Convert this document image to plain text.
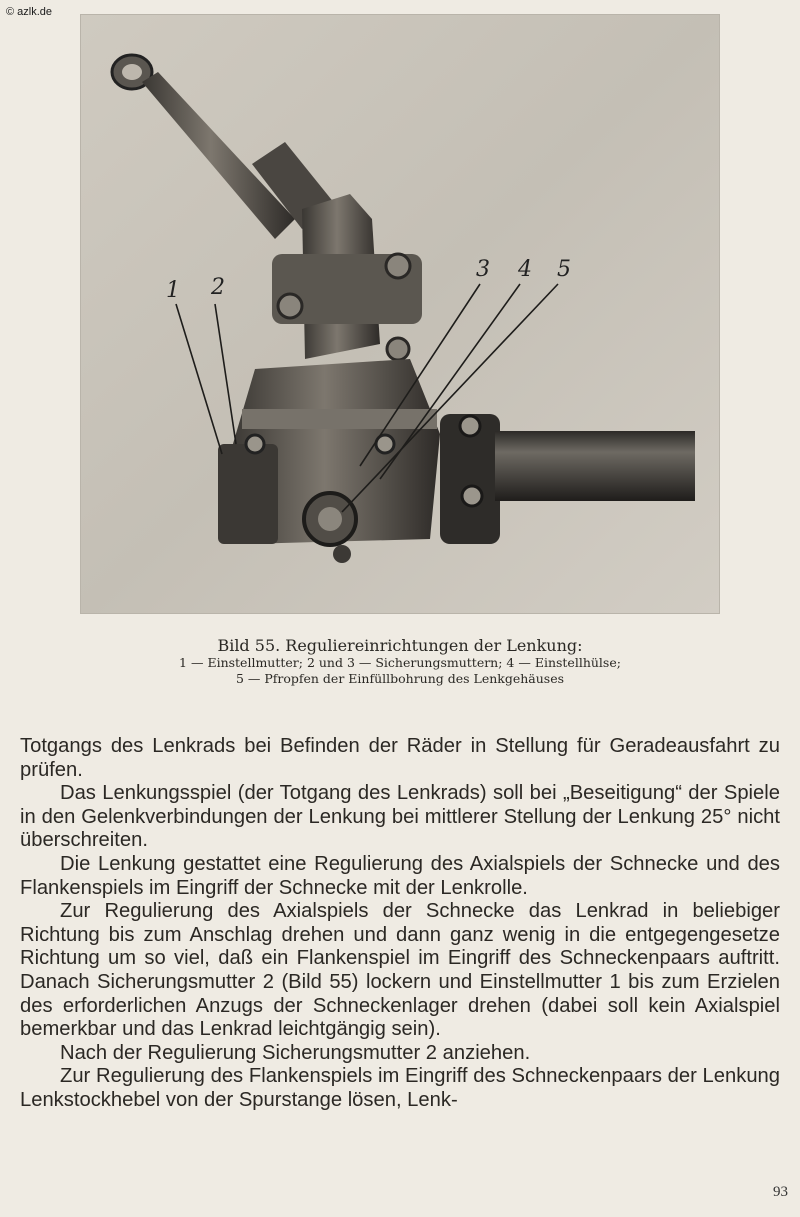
© azlk.de
1 2
3 4 5
Bild 55. Reguliereinrichtungen der Lenkung:
1 — Einstellmutter; 2 und 3 — Sicherungsmuttern; 4 — Einstellhülse;
5 — Pfropfen der Einfüllbohrung des Lenkgehäuses

Totgangs des Lenkrads bei Befinden der Räder in Stellung für Geradeausfahrt zu prüfen.

Das Lenkungsspiel (der Totgang des Lenkrads) soll bei „Beseitigung“ der Spiele in den Gelenkverbindungen der Lenkung bei mittlerer Stellung der Lenkung 25° nicht überschreiten.

Die Lenkung gestattet eine Regulierung des Axialspiels der Schnecke und des Flankenspiels im Eingriff der Schnecke mit der Lenkrolle.

Zur Regulierung des Axialspiels der Schnecke das Lenkrad in beliebiger Richtung bis zum Anschlag drehen und dann ganz wenig in die entgegengesetze Richtung um so viel, daß ein Flankenspiel im Eingriff des Schneckenpaars auftritt. Danach Sicherungsmutter 2 (Bild 55) lockern und Einstellmutter 1 bis zum Erzielen des erforderlichen Anzugs der Schneckenlager drehen (dabei soll kein Axialspiel bemerkbar und das Lenkrad leichtgängig sein).

Nach der Regulierung Sicherungsmutter 2 anziehen.

Zur Regulierung des Flankenspiels im Eingriff des Schneckenpaars der Lenkung Lenkstockhebel von der Spurstange lösen, Lenk-

93
